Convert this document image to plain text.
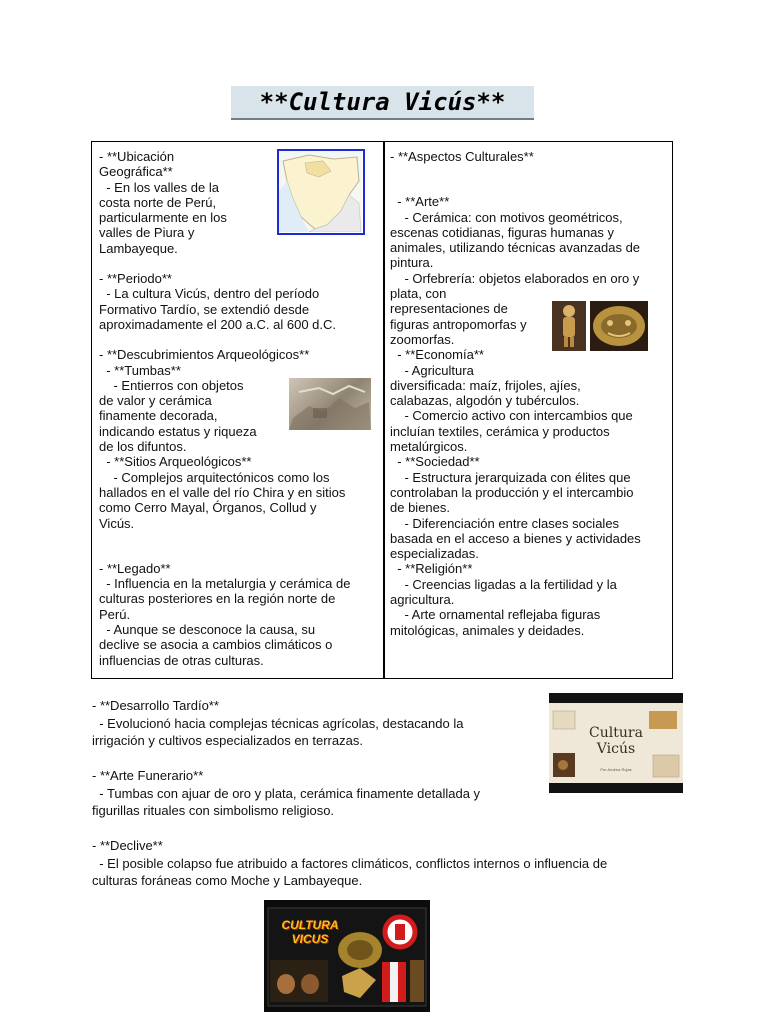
**Cultura Vicús**
- **Ubicación
Geográfica**
- En los valles de la
costa norte de Perú,
particularmente en los
valles de Piura y
Lambayeque.
- **Periodo**
- La cultura Vicús, dentro del período
Formativo Tardío, se extendió desde
aproximadamente el 200 a.C. al 600 d.C.
- **Descubrimientos Arqueológicos**
- **Tumbas**
- Entierros con objetos
de valor y cerámica
finamente decorada,
indicando estatus y riqueza
de los difuntos.
- **Sitios Arqueológicos**
- Complejos arquitectónicos como los
hallados en el valle del río Chira y en sitios
como Cerro Mayal, Órganos, Collud y
Vicús.
- **Legado**
- Influencia en la metalurgia y cerámica de
culturas posteriores en la región norte de
Perú.
- Aunque se desconoce la causa, su
declive se asocia a cambios climáticos o
influencias de otras culturas.
- **Aspectos Culturales**
- **Arte**
- Cerámica: con motivos geométricos,
escenas cotidianas, figuras humanas y
animales, utilizando técnicas avanzadas de
pintura.
- Orfebrería: objetos elaborados en oro y
plata, con
representaciones de
figuras antropomorfas y
zoomorfas.
- **Economía**
- Agricultura
diversificada: maíz, frijoles, ajíes,
calabazas, algodón y tubérculos.
- Comercio activo con intercambios que
incluían textiles, cerámica y productos
metalúrgicos.
- **Sociedad**
- Estructura jerarquizada con élites que
controlaban la producción y el intercambio
de bienes.
- Diferenciación entre clases sociales
basada en el acceso a bienes y actividades
especializadas.
- **Religión**
- Creencias ligadas a la fertilidad y la
agricultura.
- Arte ornamental reflejaba figuras
mitológicas, animales y deidades.
- **Desarrollo Tardío**
- Evolucionó hacia complejas técnicas agrícolas, destacando la
irrigación y cultivos especializados en terrazas.

- **Arte Funerario**
- Tumbas con ajuar de oro y plata, cerámica finamente detallada y
figurillas rituales con simbolismo religioso.

- **Declive**
- El posible colapso fue atribuido a factores climáticos, conflictos internos o influencia de
culturas foráneas como Moche y Lambayeque.
Cultura
Vicús
Por Andrea Rojas
CULTURA
VICUS
